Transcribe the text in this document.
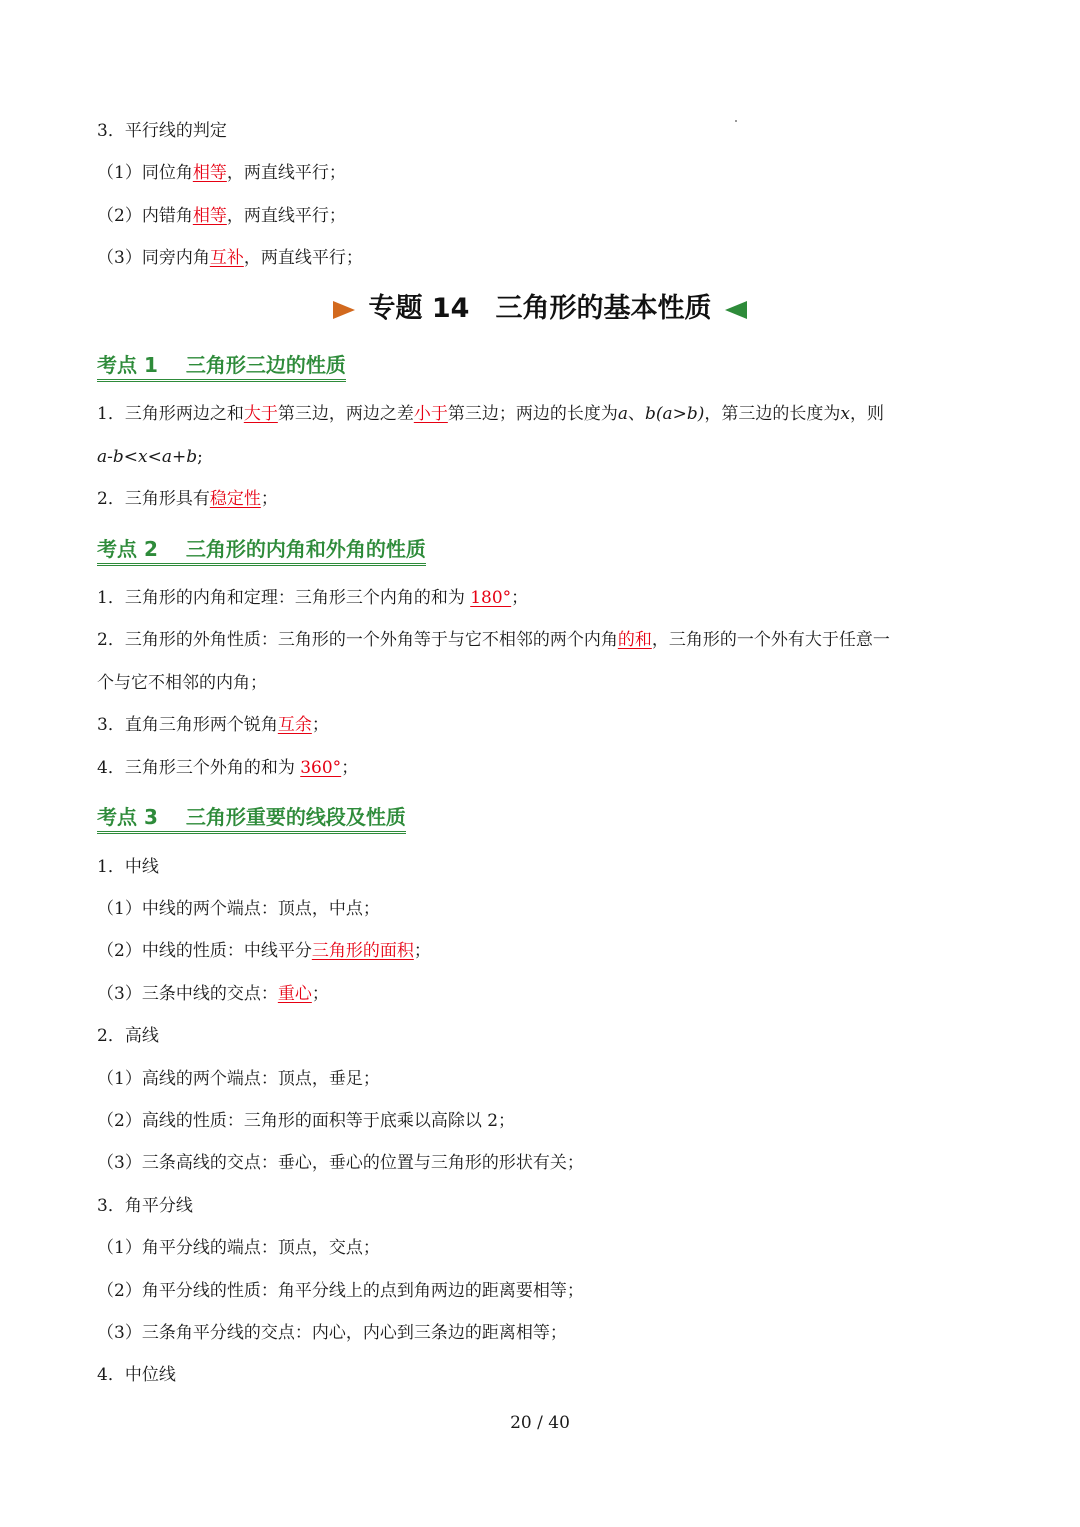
3．平行线的判定
（1）同位角相等，两直线平行；
（2）内错角相等，两直线平行；
（3）同旁内角互补，两直线平行；
专题 14 三角形的基本性质
考点 1 三角形三边的性质
1．三角形两边之和大于第三边，两边之差小于第三边；两边的长度为a、b(a>b)，第三边的长度为x，则
a-b<x<a+b;
2．三角形具有稳定性；
考点 2 三角形的内角和外角的性质
1．三角形的内角和定理：三角形三个内角的和为 180°；
2．三角形的外角性质：三角形的一个外角等于与它不相邻的两个内角的和，三角形的一个外有大于任意一
个与它不相邻的内角；
3．直角三角形两个锐角互余；
4．三角形三个外角的和为 360°；
考点 3 三角形重要的线段及性质
1．中线
（1）中线的两个端点：顶点，中点；
（2）中线的性质：中线平分三角形的面积；
（3）三条中线的交点：重心；
2．高线
（1）高线的两个端点：顶点，垂足；
（2）高线的性质：三角形的面积等于底乘以高除以 2；
（3）三条高线的交点：垂心，垂心的位置与三角形的形状有关；
3．角平分线
（1）角平分线的端点：顶点，交点；
（2）角平分线的性质：角平分线上的点到角两边的距离要相等；
（3）三条角平分线的交点：内心，内心到三条边的距离相等；
4．中位线
20 / 40
